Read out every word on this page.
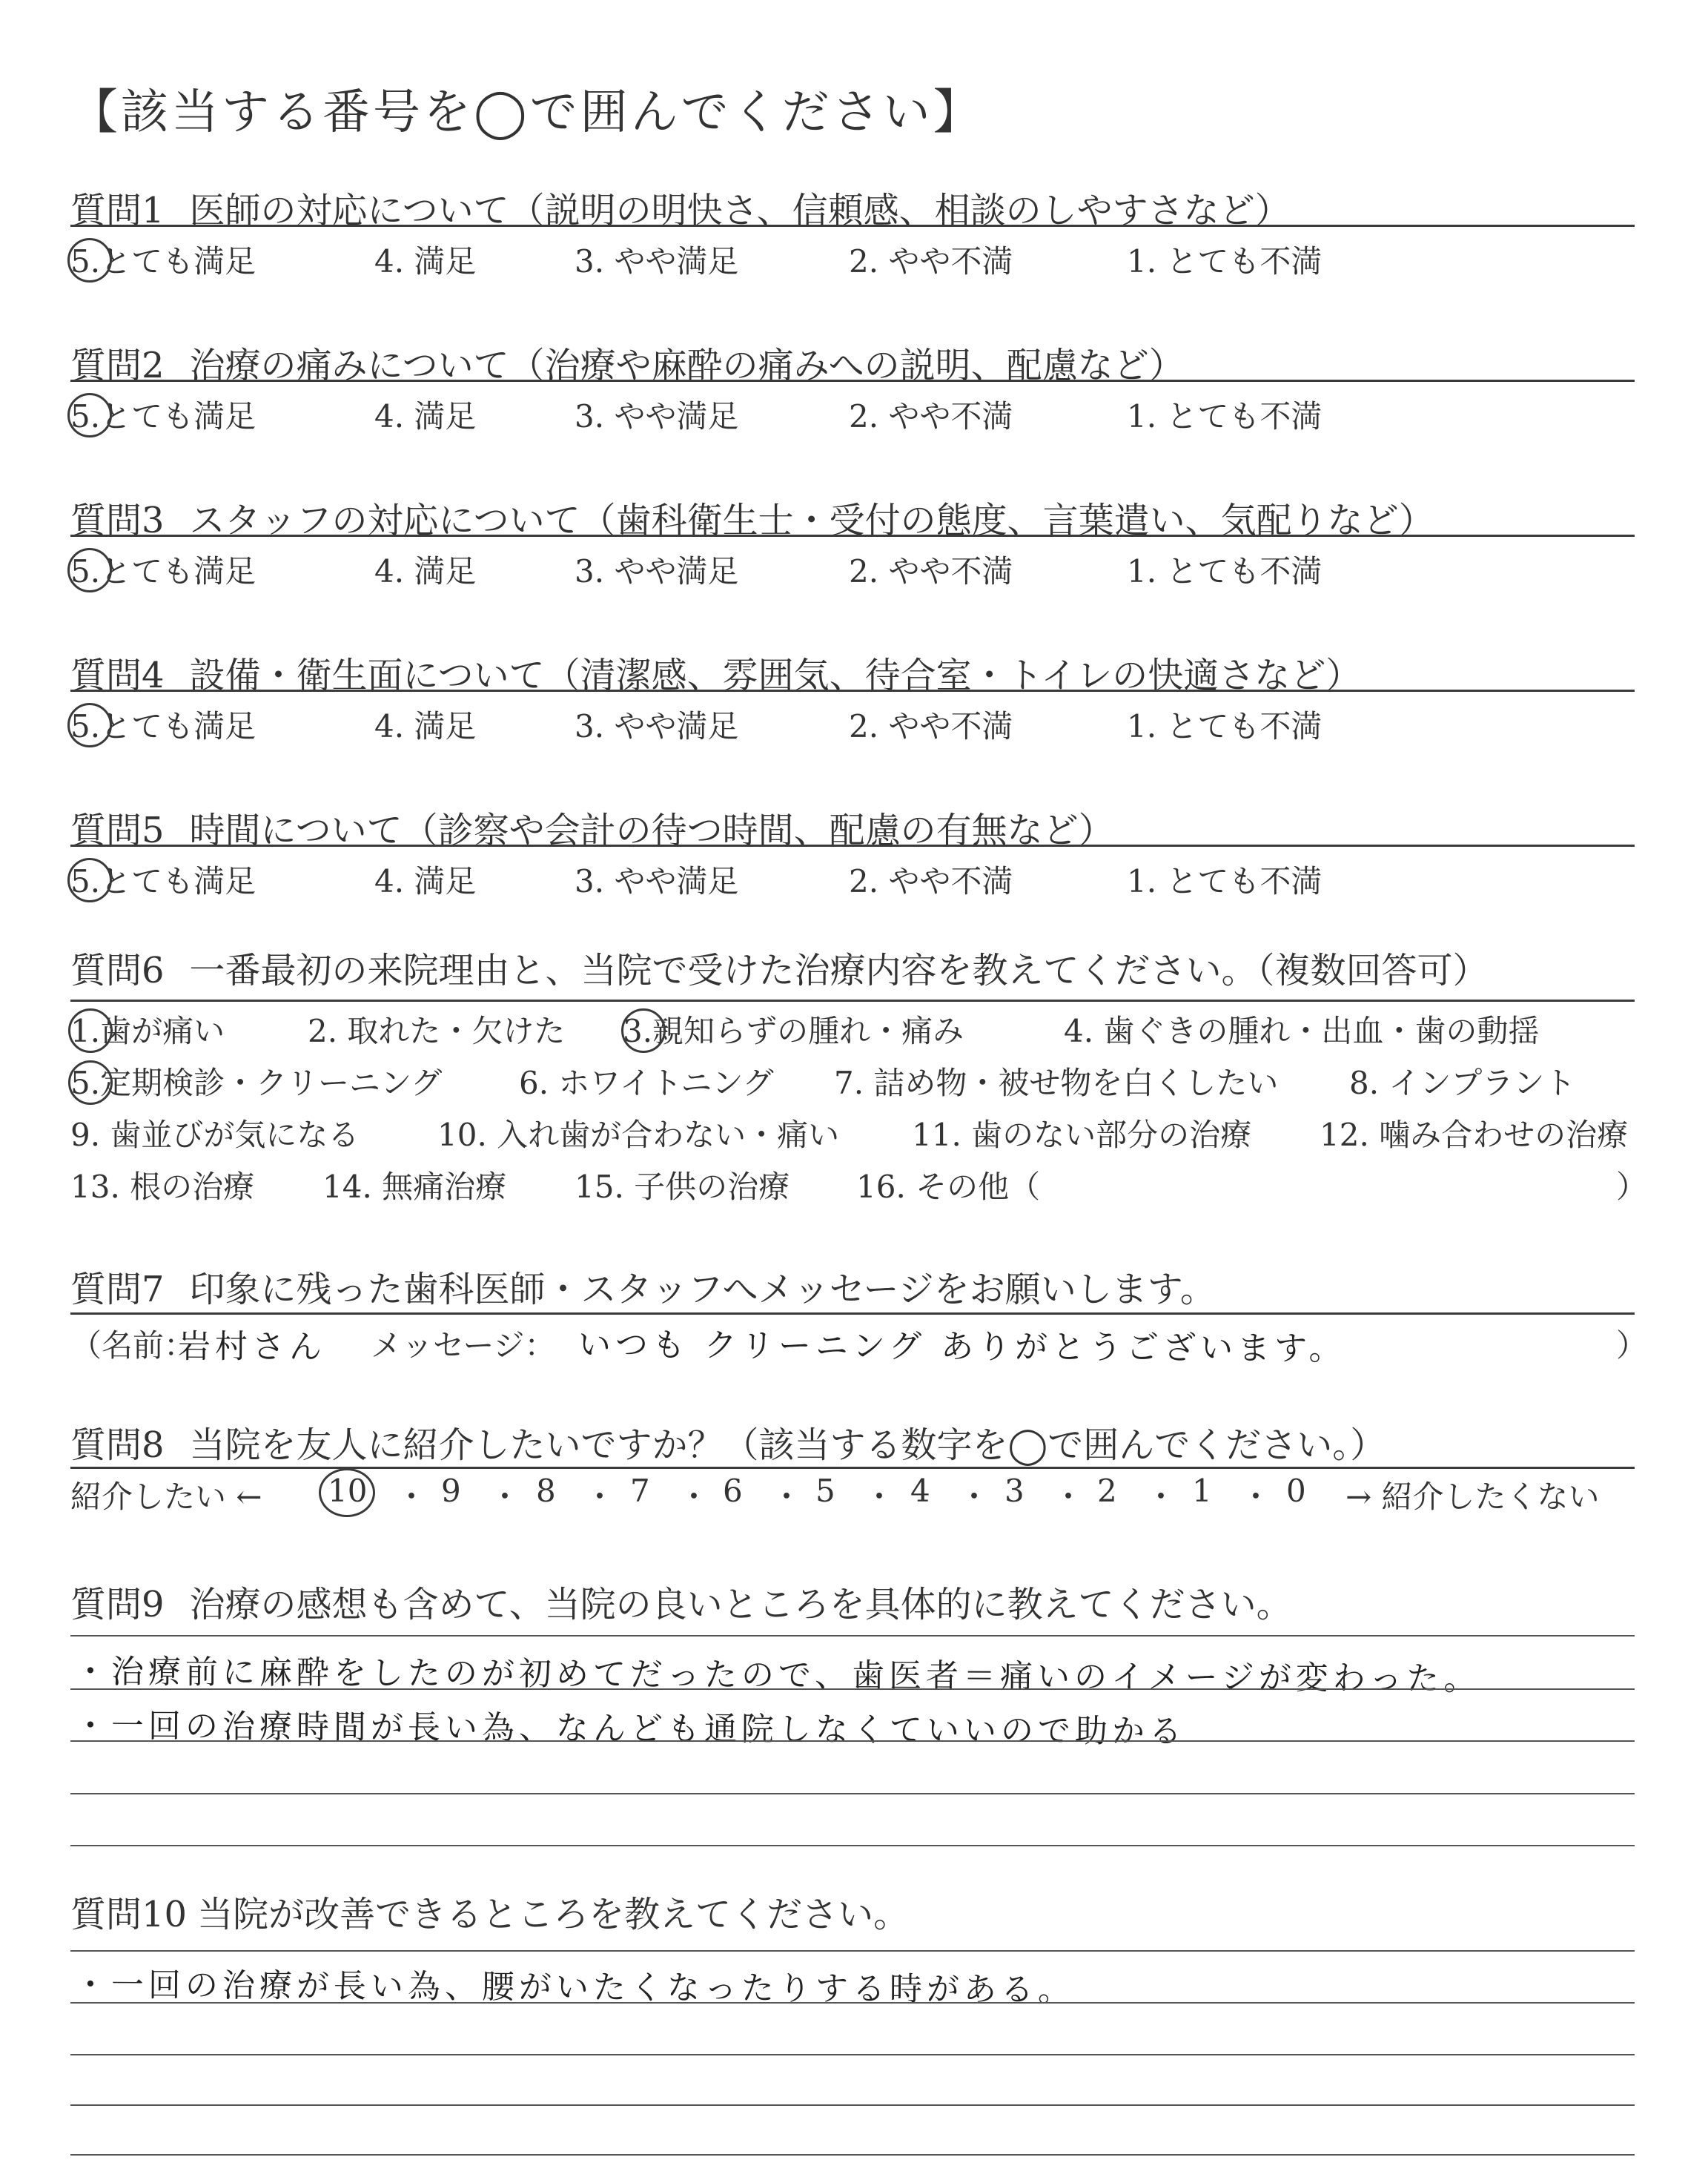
【該当する番号を◯で囲んでください】
質問1 医師の対応について（説明の明快さ、信頼感、相談のしやすさなど）
5.とても満足	4. 満足	3. やや満足	2. やや不満	1. とても不満
質問2 治療の痛みについて（治療や麻酔の痛みへの説明、配慮など）
5.とても満足	4. 満足	3. やや満足	2. やや不満	1. とても不満
質問3 スタッフの対応について（歯科衛生士・受付の態度、言葉遣い、気配りなど）
5.とても満足	4. 満足	3. やや満足	2. やや不満	1. とても不満
質問4 設備・衛生面について（清潔感、雰囲気、待合室・トイレの快適さなど）
5.とても満足	4. 満足	3. やや満足	2. やや不満	1. とても不満
質問5 時間について（診察や会計の待つ時間、配慮の有無など）
5.とても満足	4. 満足	3. やや満足	2. やや不満	1. とても不満
質問6 一番最初の来院理由と、当院で受けた治療内容を教えてください。（複数回答可）
1.歯が痛い	2. 取れた・欠けた 3.親知らずの腫れ・痛み	4. 歯ぐきの腫れ・出血・歯の動揺
5.定期検診・クリーニング 6. ホワイトニング 7. 詰め物・被せ物を白くしたい 8. インプラント
9. 歯並びが気になる	10. 入れ歯が合わない・痛い 11. 歯のない部分の治療 12. 噛み合わせの治療
13. 根の治療 14. 無痛治療 15. 子供の治療 16. その他（	）
質問7 印象に残った歯科医師・スタッフへメッセージをお願いします。
（名前：
岩村さん メッセージ： いつも クリーニング ありがとうございます。	）
質問8 当院を友人に紹介したいですか？（該当する数字を◯で囲んでください。）
紹介したい ← 10 ・ 9 ・ 8 ・ 7 ・ 6 ・ 5 ・ 4 ・ 3 ・ 2 ・ 1 ・ 0 → 紹介したくない
質問9 治療の感想も含めて、当院の良いところを具体的に教えてください。
・治療前に麻酔をしたのが初めてだったので、歯医者＝痛いのイメージが変わった。
・一回の治療時間が長い為、なんども通院しなくていいので助かる
質問10 当院が改善できるところを教えてください。
・一回の治療が長い為、腰がいたくなったりする時がある。
